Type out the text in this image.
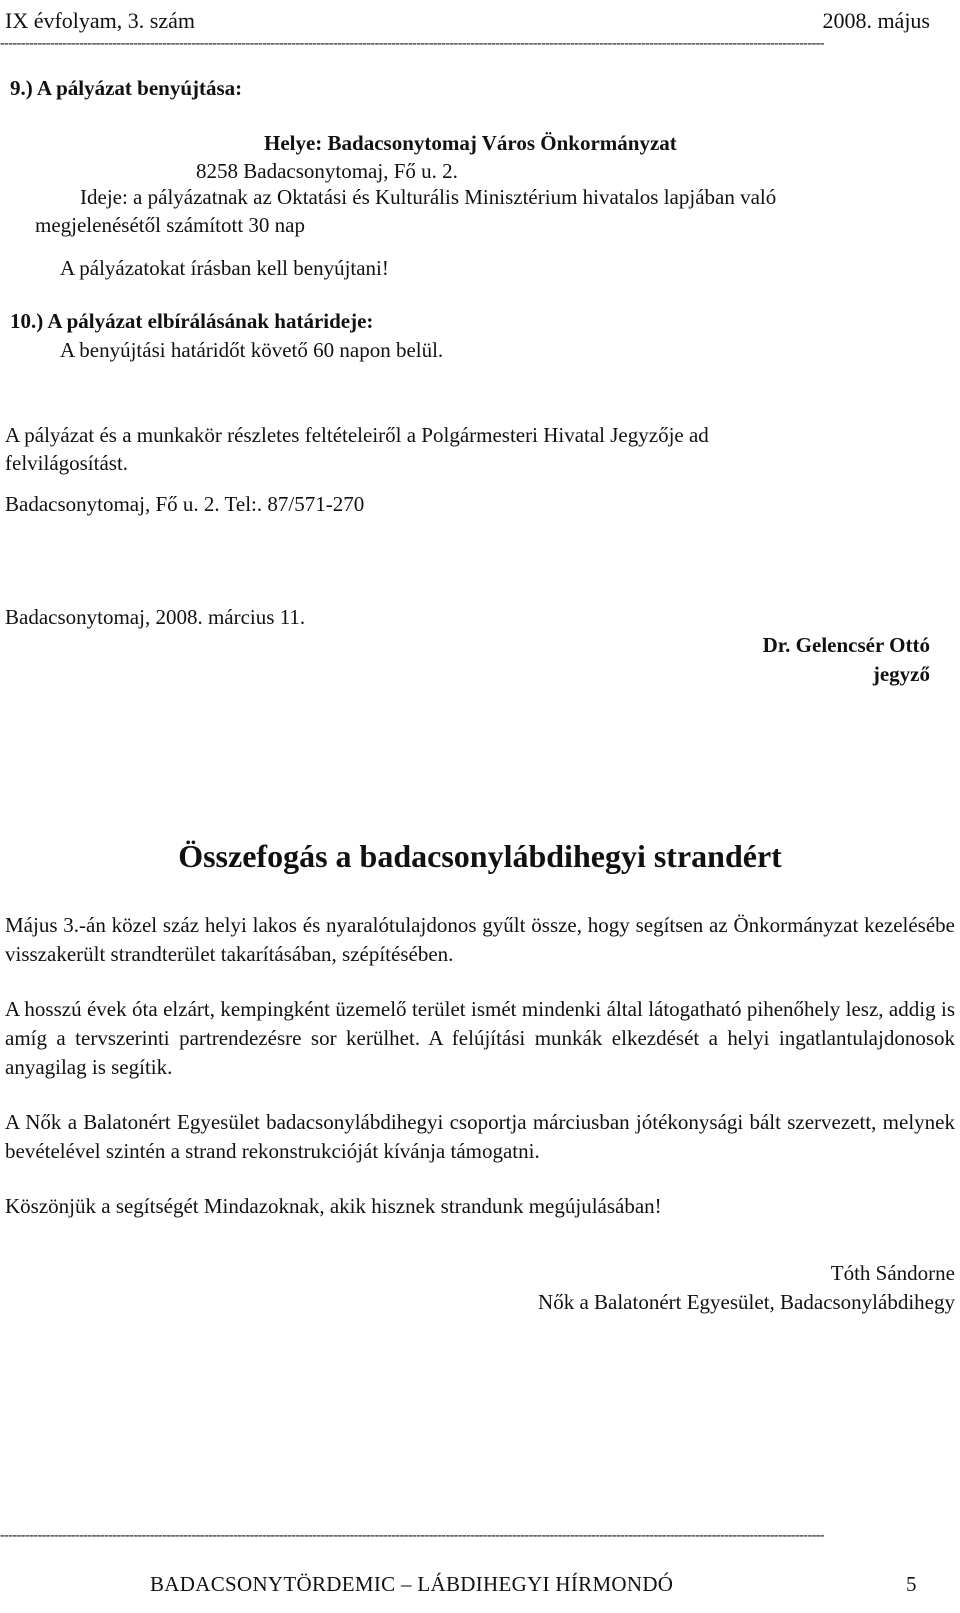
IX évfolyam, 3. szám	2008. május
------------------------------------------------------------------------------------------------------------------------------------------------------------------------------------------------------
9.) A pályázat benyújtása:
Helye: Badacsonytomaj Város Önkormányzat
8258 Badacsonytomaj, Fő u. 2.
Ideje: a pályázatnak az Oktatási és Kulturális Minisztérium hivatalos lapjában való
megjelenésétől számított 30 nap
A pályázatokat írásban kell benyújtani!
10.) A pályázat elbírálásának határideje:
A benyújtási határidőt követő 60 napon belül.
A pályázat és a munkakör részletes feltételeiről a Polgármesteri Hivatal Jegyzője ad
felvilágosítást.
Badacsonytomaj, Fő u. 2. Tel:. 87/571-270
Badacsonytomaj, 2008. március 11.
Dr. Gelencsér Ottó
jegyző
Összefogás a badacsonylábdihegyi strandért
Május 3.-án közel száz helyi lakos és nyaralótulajdonos gyűlt össze, hogy segítsen az Önkormányzat kezelésébe visszakerült strandterület takarításában, szépítésében.
A hosszú évek óta elzárt, kempingként üzemelő terület ismét mindenki által látogatható pihenőhely lesz, addig is amíg a tervszerinti partrendezésre sor kerülhet. A felújítási munkák elkezdését a helyi ingatlantulajdonosok anyagilag is segítik.
A Nők a Balatonért Egyesület badacsonylábdihegyi csoportja márciusban jótékonysági bált szervezett, melynek bevételével szintén a strand rekonstrukcióját kívánja támogatni.
Köszönjük a segítségét Mindazoknak, akik hisznek strandunk megújulásában!
Tóth Sándorne
Nők a Balatonért Egyesület, Badacsonylábdihegy
------------------------------------------------------------------------------------------------------------------------------------------------------------------------------------------------------
BADACSONYTÖRDEMIC – LÁBDIHEGYI HÍRMONDÓ	5
